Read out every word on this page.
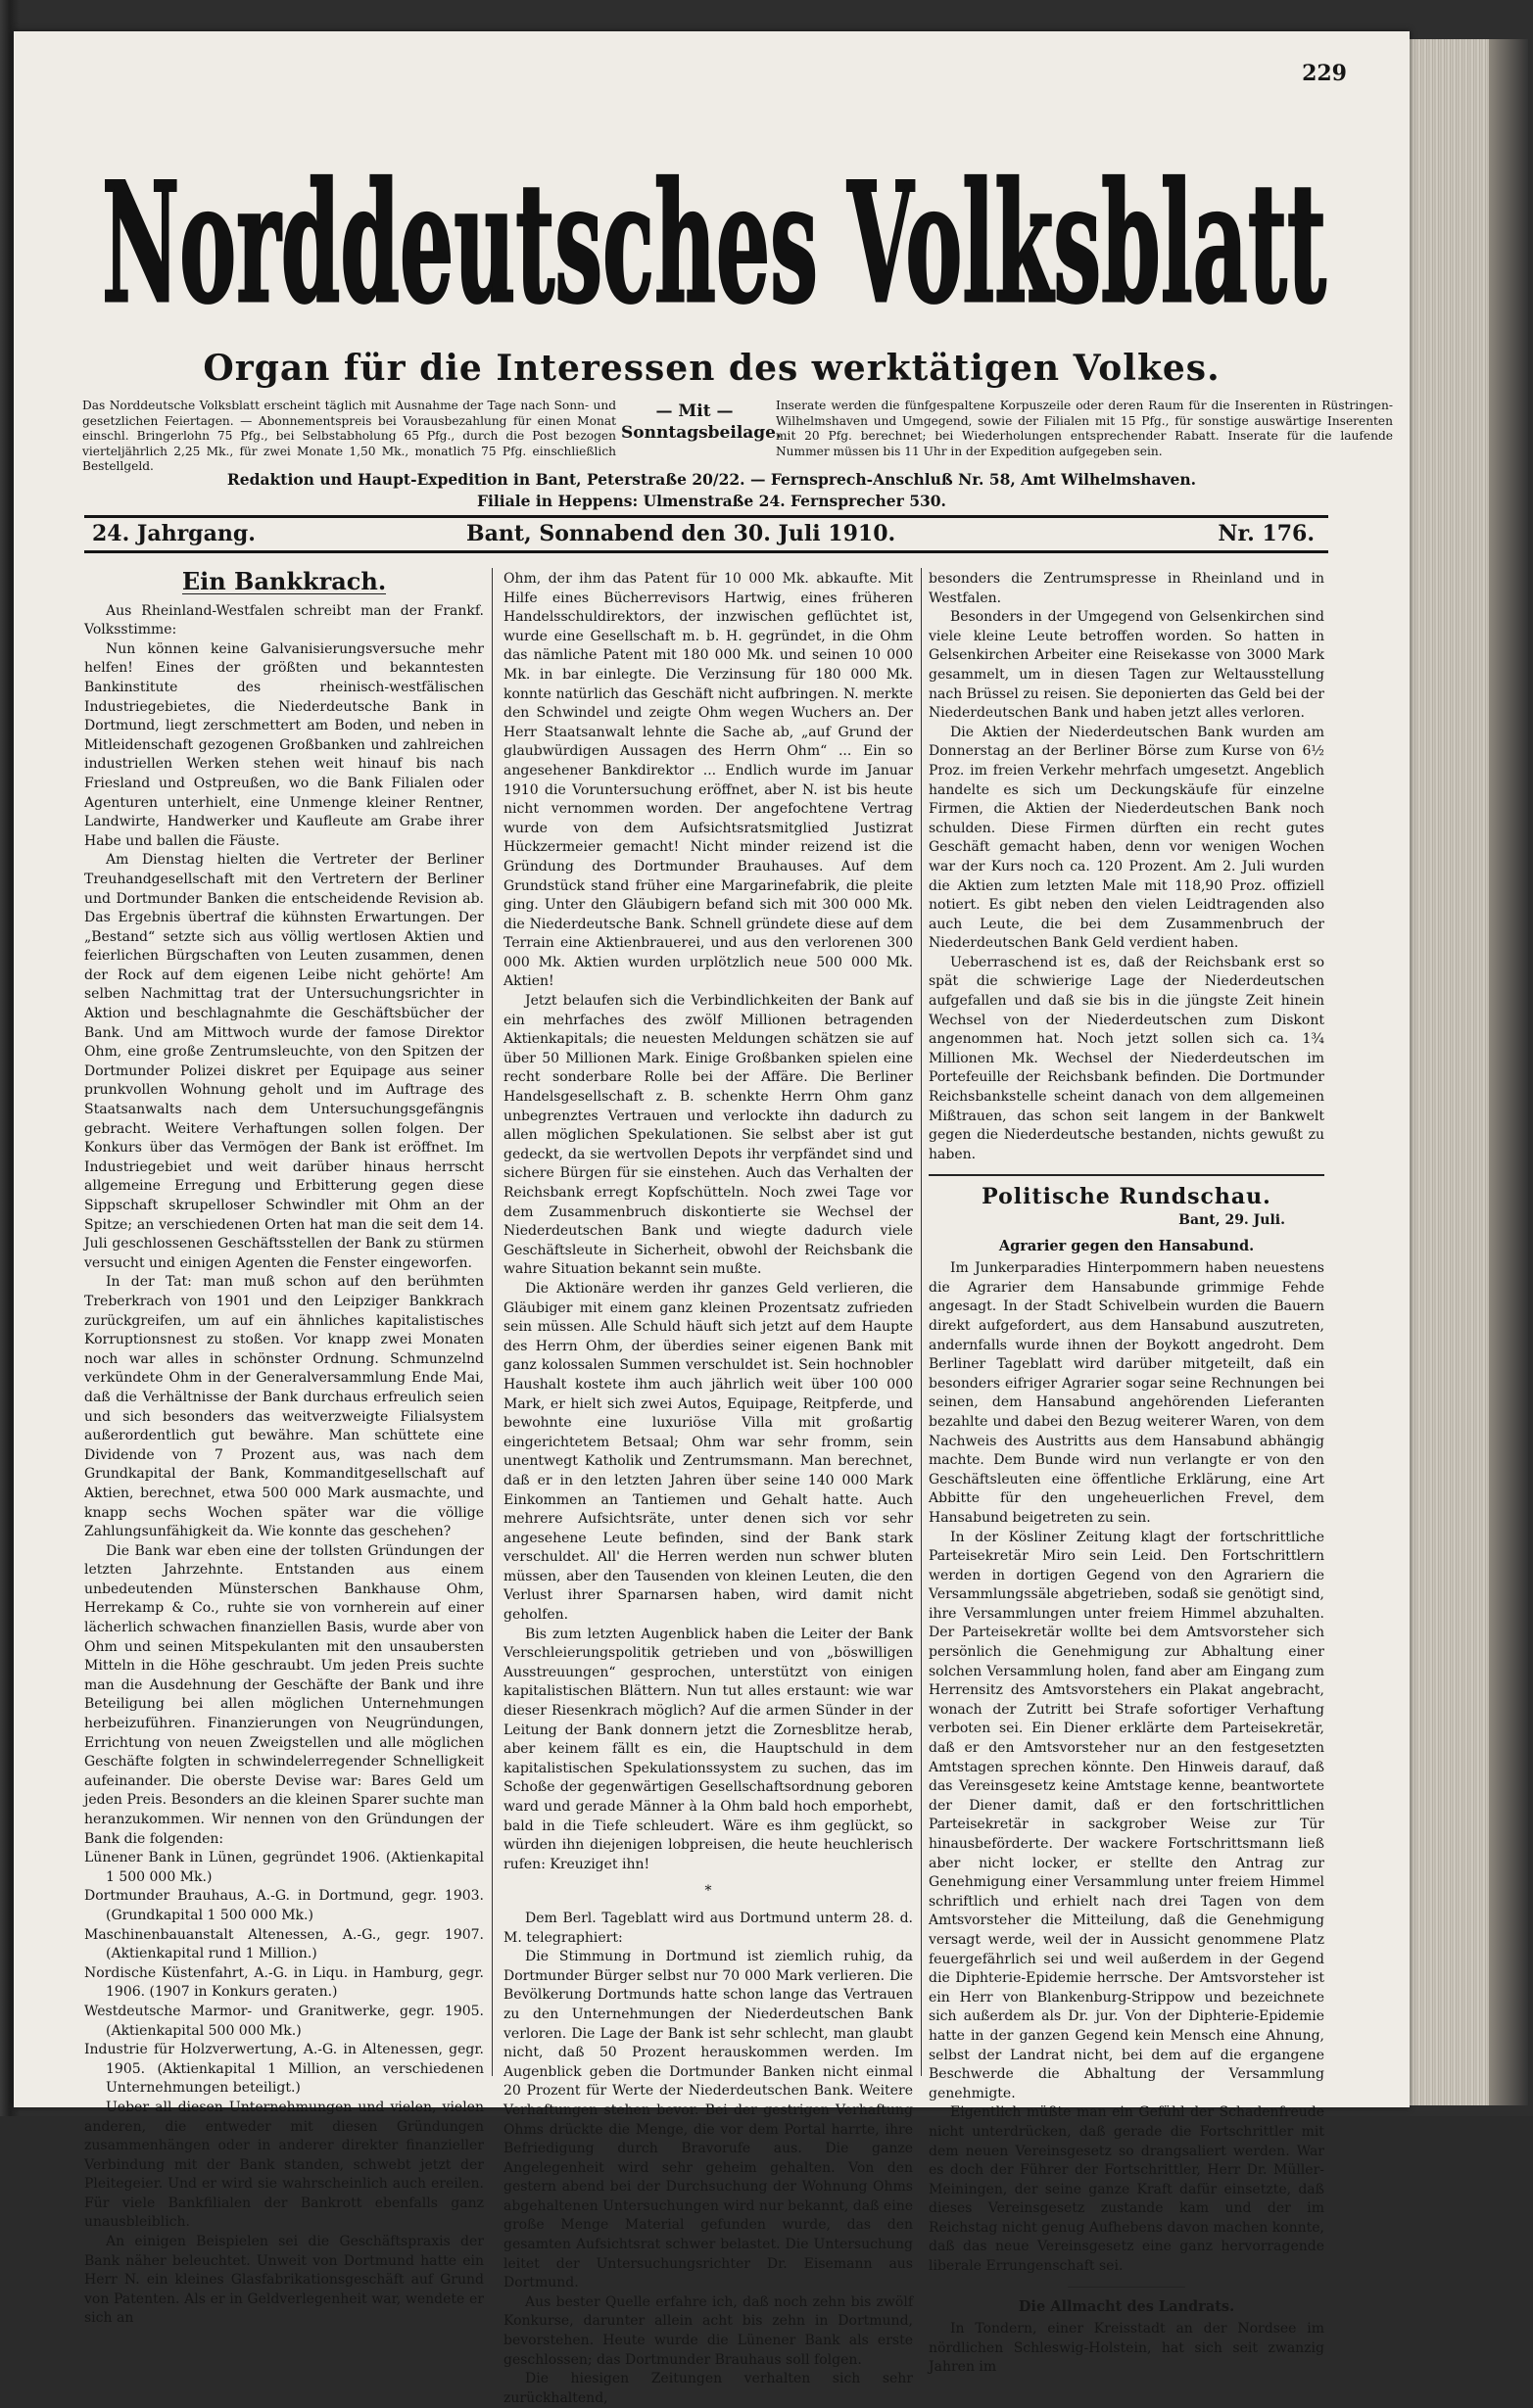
229
Norddeutsches Volksblatt
Organ für die Interessen des werktätigen Volkes.
Das Norddeutsche Volksblatt erscheint täglich mit Ausnahme der Tage nach Sonn- und gesetzlichen Feiertagen. — Abonnementspreis bei Vorausbezahlung für einen Monat einschl. Bringerlohn 75 Pfg., bei Selbstabholung 65 Pfg., durch die Post bezogen vierteljährlich 2,25 Mk., für zwei Monate 1,50 Mk., monatlich 75 Pfg. einschließlich Bestellgeld.
— Mit —
Sonntagsbeilage.
Inserate werden die fünfgespaltene Korpuszeile oder deren Raum für die Inserenten in Rüstringen-Wilhelmshaven und Umgegend, sowie der Filialen mit 15 Pfg., für sonstige auswärtige Inserenten mit 20 Pfg. berechnet; bei Wiederholungen entsprechender Rabatt. Inserate für die laufende Nummer müssen bis 11 Uhr in der Expedition aufgegeben sein.
Redaktion und Haupt-Expedition in Bant, Peterstraße 20/22. — Fernsprech-Anschluß Nr. 58, Amt Wilhelmshaven.
Filiale in Heppens: Ulmenstraße 24. Fernsprecher 530.
24. Jahrgang.	Bant, Sonnabend den 30. Juli 1910.	Nr. 176.
Ein Bankkrach.

Aus Rheinland-Westfalen schreibt man der Frankf. Volksstimme:

Nun können keine Galvanisierungsversuche mehr helfen! Eines der größten und bekanntesten Bankinstitute des rheinisch-westfälischen Industriegebietes, die Niederdeutsche Bank in Dortmund, liegt zerschmettert am Boden, und neben in Mitleidenschaft gezogenen Großbanken und zahlreichen industriellen Werken stehen weit hinauf bis nach Friesland und Ostpreußen, wo die Bank Filialen oder Agenturen unterhielt, eine Unmenge kleiner Rentner, Landwirte, Handwerker und Kaufleute am Grabe ihrer Habe und ballen die Fäuste.

Am Dienstag hielten die Vertreter der Berliner Treuhandgesellschaft mit den Vertretern der Berliner und Dortmunder Banken die entscheidende Revision ab. Das Ergebnis übertraf die kühnsten Erwartungen. Der „Bestand“ setzte sich aus völlig wertlosen Aktien und feierlichen Bürgschaften von Leuten zusammen, denen der Rock auf dem eigenen Leibe nicht gehörte! Am selben Nachmittag trat der Untersuchungsrichter in Aktion und beschlagnahmte die Geschäftsbücher der Bank. Und am Mittwoch wurde der famose Direktor Ohm, eine große Zentrumsleuchte, von den Spitzen der Dortmunder Polizei diskret per Equipage aus seiner prunkvollen Wohnung geholt und im Auftrage des Staatsanwalts nach dem Untersuchungsgefängnis gebracht. Weitere Verhaftungen sollen folgen. Der Konkurs über das Vermögen der Bank ist eröffnet. Im Industriegebiet und weit darüber hinaus herrscht allgemeine Erregung und Erbitterung gegen diese Sippschaft skrupelloser Schwindler mit Ohm an der Spitze; an verschiedenen Orten hat man die seit dem 14. Juli geschlossenen Geschäftsstellen der Bank zu stürmen versucht und einigen Agenten die Fenster eingeworfen.

In der Tat: man muß schon auf den berühmten Treberkrach von 1901 und den Leipziger Bankkrach zurückgreifen, um auf ein ähnliches kapitalistisches Korruptionsnest zu stoßen. Vor knapp zwei Monaten noch war alles in schönster Ordnung. Schmunzelnd verkündete Ohm in der Generalversammlung Ende Mai, daß die Verhältnisse der Bank durchaus erfreulich seien und sich besonders das weitverzweigte Filialsystem außerordentlich gut bewähre. Man schüttete eine Dividende von 7 Prozent aus, was nach dem Grundkapital der Bank, Kommanditgesellschaft auf Aktien, berechnet, etwa 500 000 Mark ausmachte, und knapp sechs Wochen später war die völlige Zahlungsunfähigkeit da. Wie konnte das geschehen?

Die Bank war eben eine der tollsten Gründungen der letzten Jahrzehnte. Entstanden aus einem unbedeutenden Münsterschen Bankhause Ohm, Herrekamp & Co., ruhte sie von vornherein auf einer lächerlich schwachen finanziellen Basis, wurde aber von Ohm und seinen Mitspekulanten mit den unsaubersten Mitteln in die Höhe geschraubt. Um jeden Preis suchte man die Ausdehnung der Geschäfte der Bank und ihre Beteiligung bei allen möglichen Unternehmungen herbeizuführen. Finanzierungen von Neugründungen, Errichtung von neuen Zweigstellen und alle möglichen Geschäfte folgten in schwindelerregender Schnelligkeit aufeinander. Die oberste Devise war: Bares Geld um jeden Preis. Besonders an die kleinen Sparer suchte man heranzukommen. Wir nennen von den Gründungen der Bank die folgenden:

Lünener Bank in Lünen, gegründet 1906. (Aktienkapital 1 500 000 Mk.)

Dortmunder Brauhaus, A.-G. in Dortmund, gegr. 1903. (Grundkapital 1 500 000 Mk.)

Maschinenbauanstalt Altenessen, A.-G., gegr. 1907. (Aktienkapital rund 1 Million.)

Nordische Küstenfahrt, A.-G. in Liqu. in Hamburg, gegr. 1906. (1907 in Konkurs geraten.)

Westdeutsche Marmor- und Granitwerke, gegr. 1905. (Aktienkapital 500 000 Mk.)

Industrie für Holzverwertung, A.-G. in Altenessen, gegr. 1905. (Aktienkapital 1 Million, an verschiedenen Unternehmungen beteiligt.)

Ueber all diesen Unternehmungen und vielen, vielen anderen, die entweder mit diesen Gründungen zusammenhängen oder in anderer direkter finanzieller Verbindung mit der Bank standen, schwebt jetzt der Pleitegeier. Und er wird sie wahrscheinlich auch ereilen. Für viele Bankfilialen der Bankrott ebenfalls ganz unausbleiblich.

An einigen Beispielen sei die Geschäftspraxis der Bank näher beleuchtet. Unweit von Dortmund hatte ein Herr N. ein kleines Glasfabrikationsgeschäft auf Grund von Patenten. Als er in Geldverlegenheit war, wendete er sich an

Ohm, der ihm das Patent für 10 000 Mk. abkaufte. Mit Hilfe eines Bücherrevisors Hartwig, eines früheren Handelsschuldirektors, der inzwischen geflüchtet ist, wurde eine Gesellschaft m. b. H. gegründet, in die Ohm das nämliche Patent mit 180 000 Mk. und seinen 10 000 Mk. in bar einlegte. Die Verzinsung für 180 000 Mk. konnte natürlich das Geschäft nicht aufbringen. N. merkte den Schwindel und zeigte Ohm wegen Wuchers an. Der Herr Staatsanwalt lehnte die Sache ab, „auf Grund der glaubwürdigen Aussagen des Herrn Ohm“ ... Ein so angesehener Bankdirektor ... Endlich wurde im Januar 1910 die Voruntersuchung eröffnet, aber N. ist bis heute nicht vernommen worden. Der angefochtene Vertrag wurde von dem Aufsichtsratsmitglied Justizrat Hückzermeier gemacht! Nicht minder reizend ist die Gründung des Dortmunder Brauhauses. Auf dem Grundstück stand früher eine Margarinefabrik, die pleite ging. Unter den Gläubigern befand sich mit 300 000 Mk. die Niederdeutsche Bank. Schnell gründete diese auf dem Terrain eine Aktienbrauerei, und aus den verlorenen 300 000 Mk. Aktien wurden urplötzlich neue 500 000 Mk. Aktien!

Jetzt belaufen sich die Verbindlichkeiten der Bank auf ein mehrfaches des zwölf Millionen betragenden Aktienkapitals; die neuesten Meldungen schätzen sie auf über 50 Millionen Mark. Einige Großbanken spielen eine recht sonderbare Rolle bei der Affäre. Die Berliner Handelsgesellschaft z. B. schenkte Herrn Ohm ganz unbegrenztes Vertrauen und verlockte ihn dadurch zu allen möglichen Spekulationen. Sie selbst aber ist gut gedeckt, da sie wertvollen Depots ihr verpfändet sind und sichere Bürgen für sie einstehen. Auch das Verhalten der Reichsbank erregt Kopfschütteln. Noch zwei Tage vor dem Zusammenbruch diskontierte sie Wechsel der Niederdeutschen Bank und wiegte dadurch viele Geschäftsleute in Sicherheit, obwohl der Reichsbank die wahre Situation bekannt sein mußte.

Die Aktionäre werden ihr ganzes Geld verlieren, die Gläubiger mit einem ganz kleinen Prozentsatz zufrieden sein müssen. Alle Schuld häuft sich jetzt auf dem Haupte des Herrn Ohm, der überdies seiner eigenen Bank mit ganz kolossalen Summen verschuldet ist. Sein hochnobler Haushalt kostete ihm auch jährlich weit über 100 000 Mark, er hielt sich zwei Autos, Equipage, Reitpferde, und bewohnte eine luxuriöse Villa mit großartig eingerichtetem Betsaal; Ohm war sehr fromm, sein unentwegt Katholik und Zentrumsmann. Man berechnet, daß er in den letzten Jahren über seine 140 000 Mark Einkommen an Tantiemen und Gehalt hatte. Auch mehrere Aufsichtsräte, unter denen sich vor sehr angesehene Leute befinden, sind der Bank stark verschuldet. All' die Herren werden nun schwer bluten müssen, aber den Tausenden von kleinen Leuten, die den Verlust ihrer Sparnarsen haben, wird damit nicht geholfen.

Bis zum letzten Augenblick haben die Leiter der Bank Verschleierungspolitik getrieben und von „böswilligen Ausstreuungen“ gesprochen, unterstützt von einigen kapitalistischen Blättern. Nun tut alles erstaunt: wie war dieser Riesenkrach möglich? Auf die armen Sünder in der Leitung der Bank donnern jetzt die Zornesblitze herab, aber keinem fällt es ein, die Hauptschuld in dem kapitalistischen Spekulationssystem zu suchen, das im Schoße der gegenwärtigen Gesellschaftsordnung geboren ward und gerade Männer à la Ohm bald hoch emporhebt, bald in die Tiefe schleudert. Wäre es ihm geglückt, so würden ihn diejenigen lobpreisen, die heute heuchlerisch rufen: Kreuziget ihn!

*

Dem Berl. Tageblatt wird aus Dortmund unterm 28. d. M. telegraphiert:

Die Stimmung in Dortmund ist ziemlich ruhig, da Dortmunder Bürger selbst nur 70 000 Mark verlieren. Die Bevölkerung Dortmunds hatte schon lange das Vertrauen zu den Unternehmungen der Niederdeutschen Bank verloren. Die Lage der Bank ist sehr schlecht, man glaubt nicht, daß 50 Prozent herauskommen werden. Im Augenblick geben die Dortmunder Banken nicht einmal 20 Prozent für Werte der Niederdeutschen Bank. Weitere Verhaftungen stehen bevor. Bei der gestrigen Verhaftung Ohms drückte die Menge, die vor dem Portal harrte, ihre Befriedigung durch Bravorufe aus. Die ganze Angelegenheit wird sehr geheim gehalten. Von den gestern abend bei der Durchsuchung der Wohnung Ohms abgehaltenen Untersuchungen wird nur bekannt, daß eine große Menge Material gefunden wurde, das den gesamten Aufsichtsrat schwer belastet. Die Untersuchung leitet der Untersuchungsrichter Dr. Eisemann aus Dortmund.

Aus bester Quelle erfahre ich, daß noch zehn bis zwölf Konkurse, darunter allein acht bis zehn in Dortmund, bevorstehen. Heute wurde die Lünener Bank als erste geschlossen; das Dortmunder Brauhaus soll folgen.

Die hiesigen Zeitungen verhalten sich sehr zurückhaltend,

besonders die Zentrumspresse in Rheinland und in Westfalen.

Besonders in der Umgegend von Gelsenkirchen sind viele kleine Leute betroffen worden. So hatten in Gelsenkirchen Arbeiter eine Reisekasse von 3000 Mark gesammelt, um in diesen Tagen zur Weltausstellung nach Brüssel zu reisen. Sie deponierten das Geld bei der Niederdeutschen Bank und haben jetzt alles verloren.

Die Aktien der Niederdeutschen Bank wurden am Donnerstag an der Berliner Börse zum Kurse von 6½ Proz. im freien Verkehr mehrfach umgesetzt. Angeblich handelte es sich um Deckungskäufe für einzelne Firmen, die Aktien der Niederdeutschen Bank noch schulden. Diese Firmen dürften ein recht gutes Geschäft gemacht haben, denn vor wenigen Wochen war der Kurs noch ca. 120 Prozent. Am 2. Juli wurden die Aktien zum letzten Male mit 118,90 Proz. offiziell notiert. Es gibt neben den vielen Leidtragenden also auch Leute, die bei dem Zusammenbruch der Niederdeutschen Bank Geld verdient haben.

Ueberraschend ist es, daß der Reichsbank erst so spät die schwierige Lage der Niederdeutschen aufgefallen und daß sie bis in die jüngste Zeit hinein Wechsel von der Niederdeutschen zum Diskont angenommen hat. Noch jetzt sollen sich ca. 1¾ Millionen Mk. Wechsel der Niederdeutschen im Portefeuille der Reichsbank befinden. Die Dortmunder Reichsbankstelle scheint danach von dem allgemeinen Mißtrauen, das schon seit langem in der Bankwelt gegen die Niederdeutsche bestanden, nichts gewußt zu haben.

Politische Rundschau.
Bant, 29. Juli.
Agrarier gegen den Hansabund.

Im Junkerparadies Hinterpommern haben neuestens die Agrarier dem Hansabunde grimmige Fehde angesagt. In der Stadt Schivelbein wurden die Bauern direkt aufgefordert, aus dem Hansabund auszutreten, andernfalls wurde ihnen der Boykott angedroht. Dem Berliner Tageblatt wird darüber mitgeteilt, daß ein besonders eifriger Agrarier sogar seine Rechnungen bei seinen, dem Hansabund angehörenden Lieferanten bezahlte und dabei den Bezug weiterer Waren, von dem Nachweis des Austritts aus dem Hansabund abhängig machte. Dem Bunde wird nun verlangte er von den Geschäftsleuten eine öffentliche Erklärung, eine Art Abbitte für den ungeheuerlichen Frevel, dem Hansabund beigetreten zu sein.

In der Kösliner Zeitung klagt der fortschrittliche Parteisekretär Miro sein Leid. Den Fortschrittlern werden in dortigen Gegend von den Agrariern die Versammlungssäle abgetrieben, sodaß sie genötigt sind, ihre Versammlungen unter freiem Himmel abzuhalten. Der Parteisekretär wollte bei dem Amtsvorsteher sich persönlich die Genehmigung zur Abhaltung einer solchen Versammlung holen, fand aber am Eingang zum Herrensitz des Amtsvorstehers ein Plakat angebracht, wonach der Zutritt bei Strafe sofortiger Verhaftung verboten sei. Ein Diener erklärte dem Parteisekretär, daß er den Amtsvorsteher nur an den festgesetzten Amtstagen sprechen könnte. Den Hinweis darauf, daß das Vereinsgesetz keine Amtstage kenne, beantwortete der Diener damit, daß er den fortschrittlichen Parteisekretär in sackgrober Weise zur Tür hinausbeförderte. Der wackere Fortschrittsmann ließ aber nicht locker, er stellte den Antrag zur Genehmigung einer Versammlung unter freiem Himmel schriftlich und erhielt nach drei Tagen von dem Amtsvorsteher die Mitteilung, daß die Genehmigung versagt werde, weil der in Aussicht genommene Platz feuergefährlich sei und weil außerdem in der Gegend die Diphterie-Epidemie herrsche. Der Amtsvorsteher ist ein Herr von Blankenburg-Strippow und bezeichnete sich außerdem als Dr. jur. Von der Diphterie-Epidemie hatte in der ganzen Gegend kein Mensch eine Ahnung, selbst der Landrat nicht, bei dem auf die ergangene Beschwerde die Abhaltung der Versammlung genehmigte.

Eigentlich müßte man ein Gefühl der Schadenfreude nicht unterdrücken, daß gerade die Fortschrittler mit dem neuen Vereinsgesetz so drangsaliert werden. War es doch der Führer der Fortschrittler, Herr Dr. Müller-Meiningen, der seine ganze Kraft dafür einsetzte, daß dieses Vereinsgesetz zustande kam und der im Reichstag nicht genug Aufhebens davon machen konnte, daß das neue Vereinsgesetz eine ganz hervorragende liberale Errungenschaft sei.

Die Allmacht des Landrats.

In Tondern, einer Kreisstadt an der Nordsee im nördlichen Schleswig-Holstein, hat sich seit zwanzig Jahren im
